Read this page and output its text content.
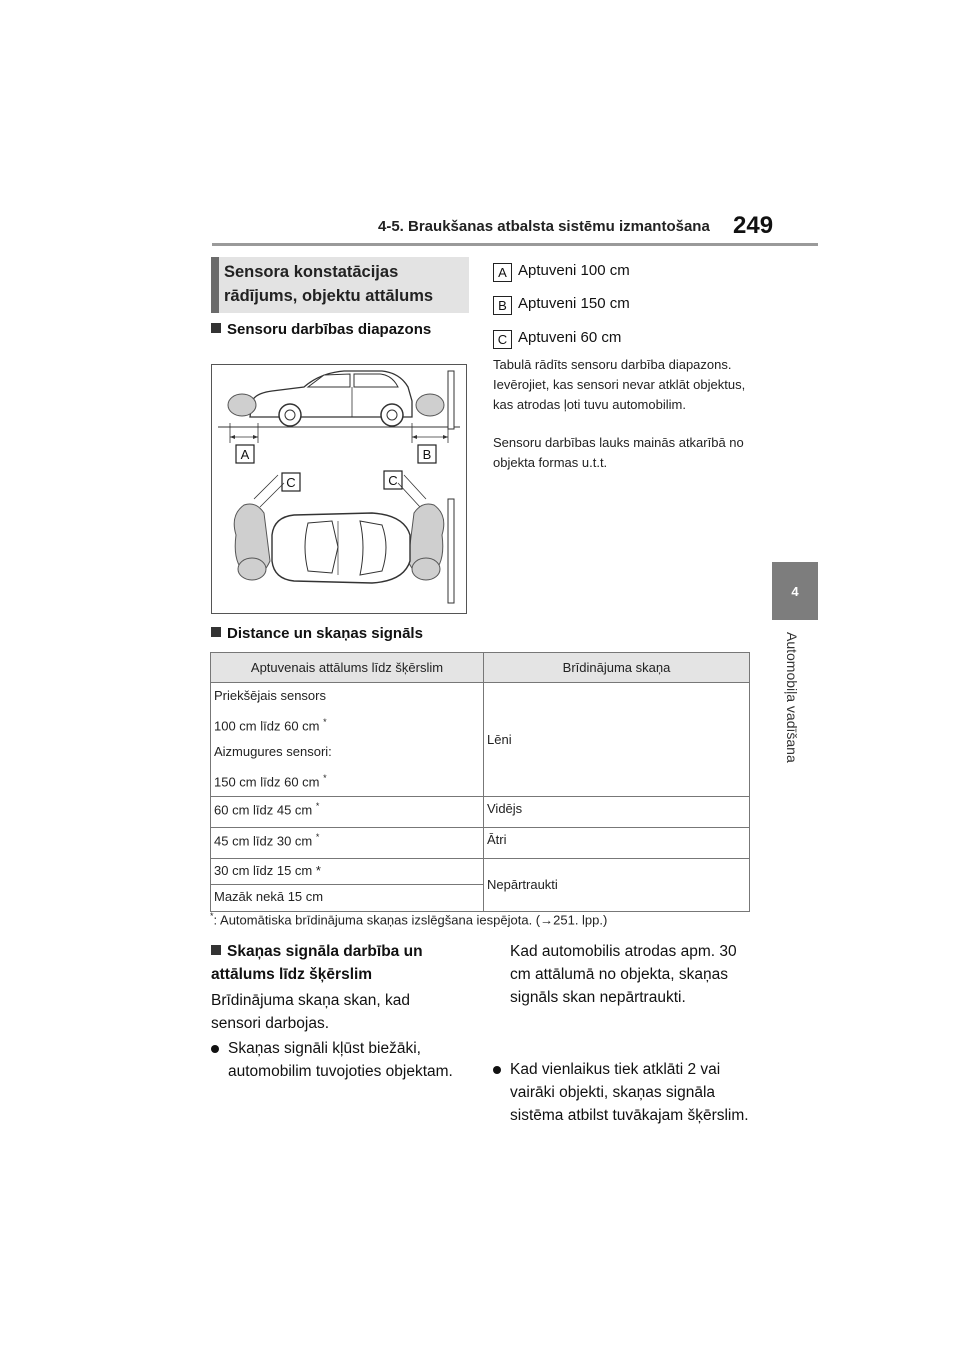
4-5. Braukšanas atbalsta sistēmu izmantošana 249
4
Automobiļa vadīšana
Sensora konstatācijas rādījums, objektu attālums
Sensoru darbības diapazons
A	B
C	C
A Aptuveni 100 cm
B Aptuveni 150 cm
C Aptuveni 60 cm
Tabulā rādīts sensoru darbība diapazons. Ievērojiet, kas sensori nevar atklāt objektus, kas atrodas ļoti tuvu automobilim.
Sensoru darbības lauks mainās atkarībā no objekta formas u.t.t.
Distance un skaņas signāls
Aptuvenais attālums līdz šķērslim	Brīdinājuma skaņa

Priekšējais sensors

100 cm līdz 60 cm *

Aizmugures sensori:

150 cm līdz 60 cm *	Lēni
60 cm līdz 45 cm *	Vidējs
45 cm līdz 30 cm *	Ātri
30 cm līdz 15 cm *	Nepārtraukti
Mazāk nekā 15 cm	
*: Automātiska brīdinājuma skaņas izslēgšana iespējota. (→251. lpp.)
Skaņas signāla darbība un attālums līdz šķērslim
Brīdinājuma skaņa skan, kad sensori darbojas.
Skaņas signāli kļūst biežāki, automobilim tuvojoties objektam.
Kad automobilis atrodas apm. 30 cm attālumā no objekta, skaņas signāls skan nepārtraukti.
Kad vienlaikus tiek atklāti 2 vai vairāki objekti, skaņas signāla sistēma atbilst tuvākajam šķērslim.
